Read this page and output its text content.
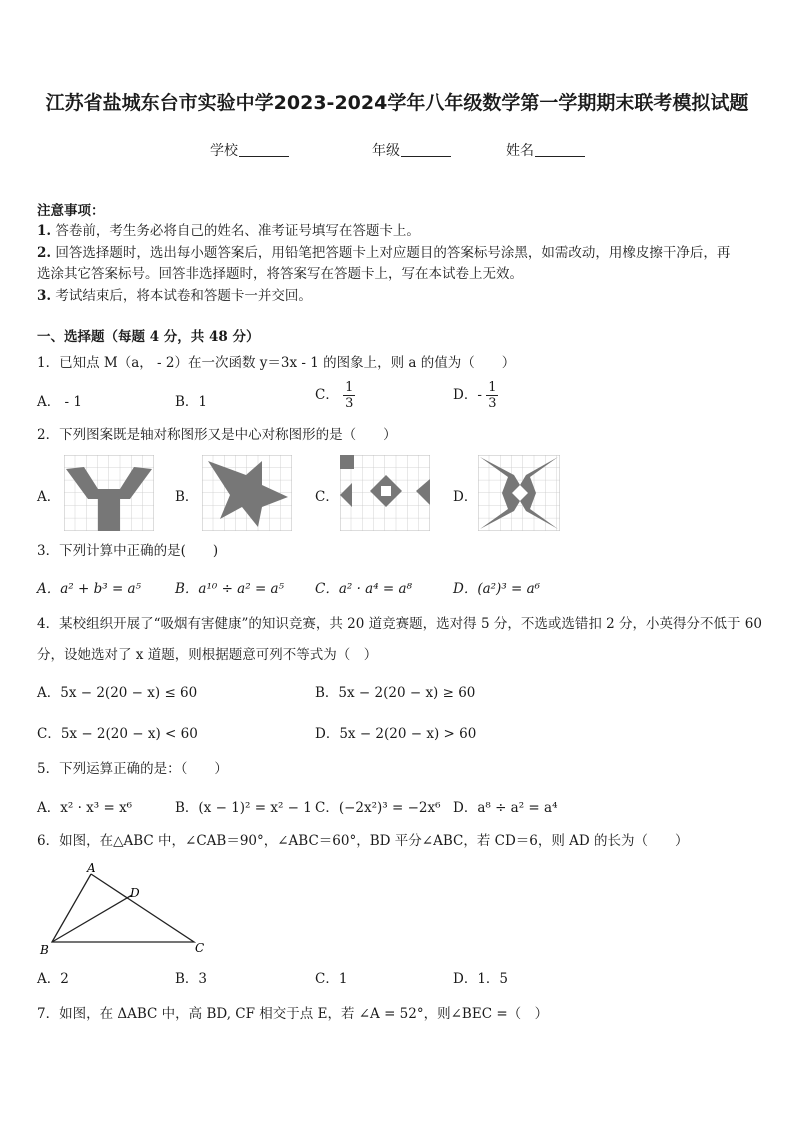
江苏省盐城东台市实验中学2023-2024学年八年级数学第一学期期末联考模拟试题
学校	年级	姓名
注意事项：
1. 答卷前，考生务必将自己的姓名、准考证号填写在答题卡上。
2. 回答选择题时，选出每小题答案后，用铅笔把答题卡上对应题目的答案标号涂黑，如需改动，用橡皮擦干净后，再
选涂其它答案标号。回答非选择题时，将答案写在答题卡上，写在本试卷上无效。
3. 考试结束后，将本试卷和答题卡一并交回。
一、选择题（每题 4 分，共 48 分）
1．已知点 M（a， - 2）在一次函数 y＝3x - 1 的图象上，则 a 的值为（　　）
A． - 1	B．1	C． $\frac{1}{3}$	D．- $\frac{1}{3}$
2．下列图案既是轴对称图形又是中心对称图形的是（　　）
A．	B．	C．	D．
3．下列计算中正确的是(　　)
A．a² + b³ = a⁵	B．a¹⁰ ÷ a² = a⁵ C．a² · a⁴ = a⁸	D．(a²)³ = a⁶
4．某校组织开展了“吸烟有害健康”的知识竞赛，共 20 道竞赛题，选对得 5 分，不选或选错扣 2 分，小英得分不低于 60
分，设她选对了 x 道题，则根据题意可列不等式为（　）
A．5x − 2(20 − x) ≤ 60	B．5x − 2(20 − x) ≥ 60
C．5x − 2(20 − x) < 60	D．5x − 2(20 − x) > 60
5．下列运算正确的是：（　　）
A．x² · x³ = x⁶	B．(x − 1)² = x² − 1 C．(−2x²)³ = −2x⁶ D．a⁸ ÷ a² = a⁴
6．如图，在△ABC 中，∠CAB＝90°，∠ABC＝60°，BD 平分∠ABC，若 CD＝6，则 AD 的长为（　　）
A
B	C
D
A．2	B．3	C．1	D．1．5
7．如图，在 ΔABC 中，高 BD, CF 相交于点 E，若 ∠A = 52°，则∠BEC =（　）
